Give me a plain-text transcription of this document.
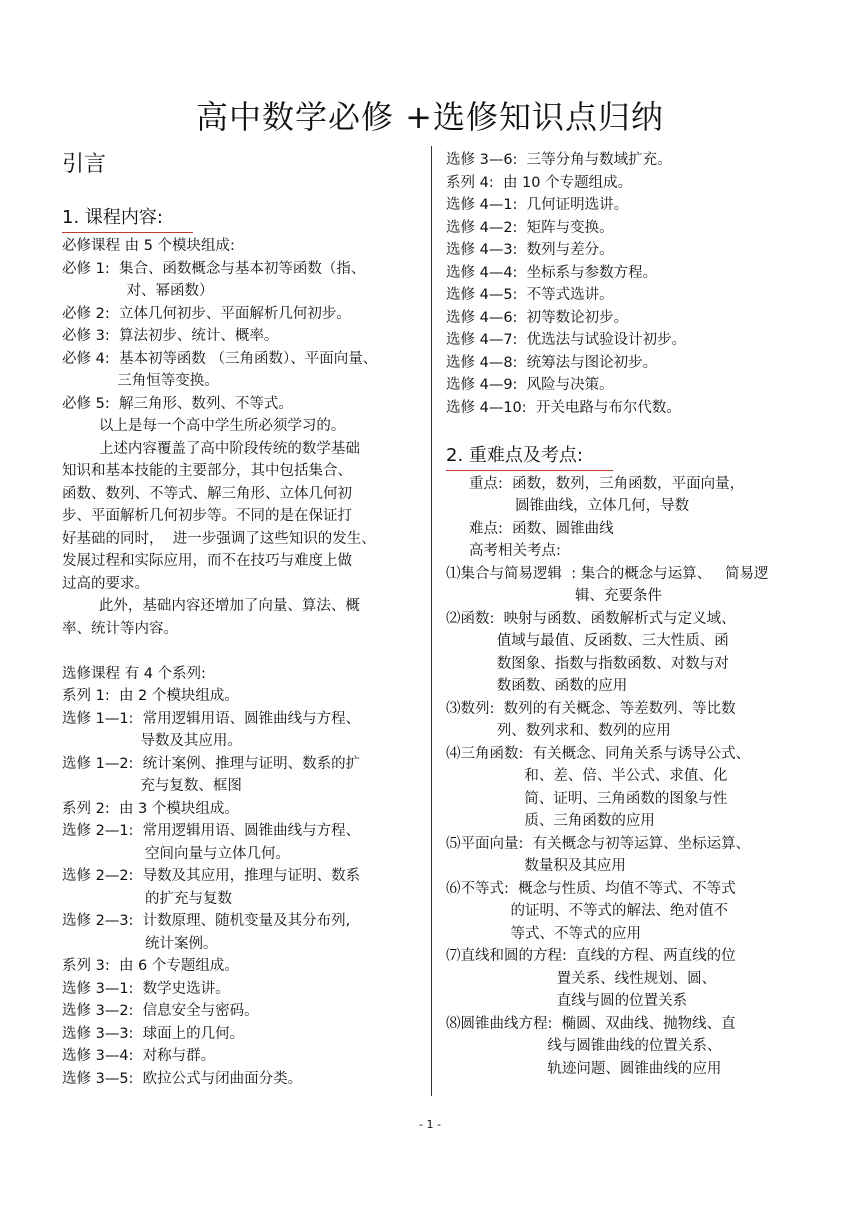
高中数学必修 +选修知识点归纳
引言
1. 课程内容:
必修课程 由 5 个模块组成:
必修 1:  集合、函数概念与基本初等函数（指、
对、幂函数）
必修 2:  立体几何初步、平面解析几何初步。
必修 3:  算法初步、统计、概率。
必修 4:  基本初等函数 （三角函数）、平面向量、
三角恒等变换。
必修 5:  解三角形、数列、不等式。
以上是每一个高中学生所必须学习的。
上述内容覆盖了高中阶段传统的数学基础
知识和基本技能的主要部分，其中包括集合、
函数、数列、不等式、解三角形、立体几何初
步、平面解析几何初步等。不同的是在保证打
好基础的同时，  进一步强调了这些知识的发生、
发展过程和实际应用，而不在技巧与难度上做
过高的要求。
此外，基础内容还增加了向量、算法、概
率、统计等内容。
选修课程 有 4 个系列:
系列 1:  由 2 个模块组成。
选修 1—1:  常用逻辑用语、圆锥曲线与方程、
导数及其应用。
选修 1—2:  统计案例、推理与证明、数系的扩
充与复数、框图
系列 2:  由 3 个模块组成。
选修 2—1:  常用逻辑用语、圆锥曲线与方程、
空间向量与立体几何。
选修 2—2:  导数及其应用，推理与证明、数系
的扩充与复数
选修 2—3:  计数原理、随机变量及其分布列,
统计案例。
系列 3:  由 6 个专题组成。
选修 3—1:  数学史选讲。
选修 3—2:  信息安全与密码。
选修 3—3:  球面上的几何。
选修 3—4:  对称与群。
选修 3—5:  欧拉公式与闭曲面分类。
选修 3—6:  三等分角与数域扩充。
系列 4:  由 10 个专题组成。
选修 4—1:  几何证明选讲。
选修 4—2:  矩阵与变换。
选修 4—3:  数列与差分。
选修 4—4:  坐标系与参数方程。
选修 4—5:  不等式选讲。
选修 4—6:  初等数论初步。
选修 4—7:  优选法与试验设计初步。
选修 4—8:  统筹法与图论初步。
选修 4—9:  风险与决策。
选修 4—10:  开关电路与布尔代数。
2. 重难点及考点:
重点:  函数，数列，三角函数，平面向量，
圆锥曲线，立体几何，导数
难点:  函数、圆锥曲线
高考相关考点:
⑴集合与简易逻辑  : 集合的概念与运算、   简易逻
辑、充要条件
⑵函数:  映射与函数、函数解析式与定义域、
值域与最值、反函数、三大性质、函
数图象、指数与指数函数、对数与对
数函数、函数的应用
⑶数列:  数列的有关概念、等差数列、等比数
列、数列求和、数列的应用
⑷三角函数:  有关概念、同角关系与诱导公式、
和、差、倍、半公式、求值、化
简、证明、三角函数的图象与性
质、三角函数的应用
⑸平面向量:  有关概念与初等运算、坐标运算、
数量积及其应用
⑹不等式:  概念与性质、均值不等式、不等式
的证明、不等式的解法、绝对值不
等式、不等式的应用
⑺直线和圆的方程:  直线的方程、两直线的位
置关系、线性规划、圆、
直线与圆的位置关系
⑻圆锥曲线方程:  椭圆、双曲线、抛物线、直
线与圆锥曲线的位置关系、
轨迹问题、圆锥曲线的应用
- 1 -
